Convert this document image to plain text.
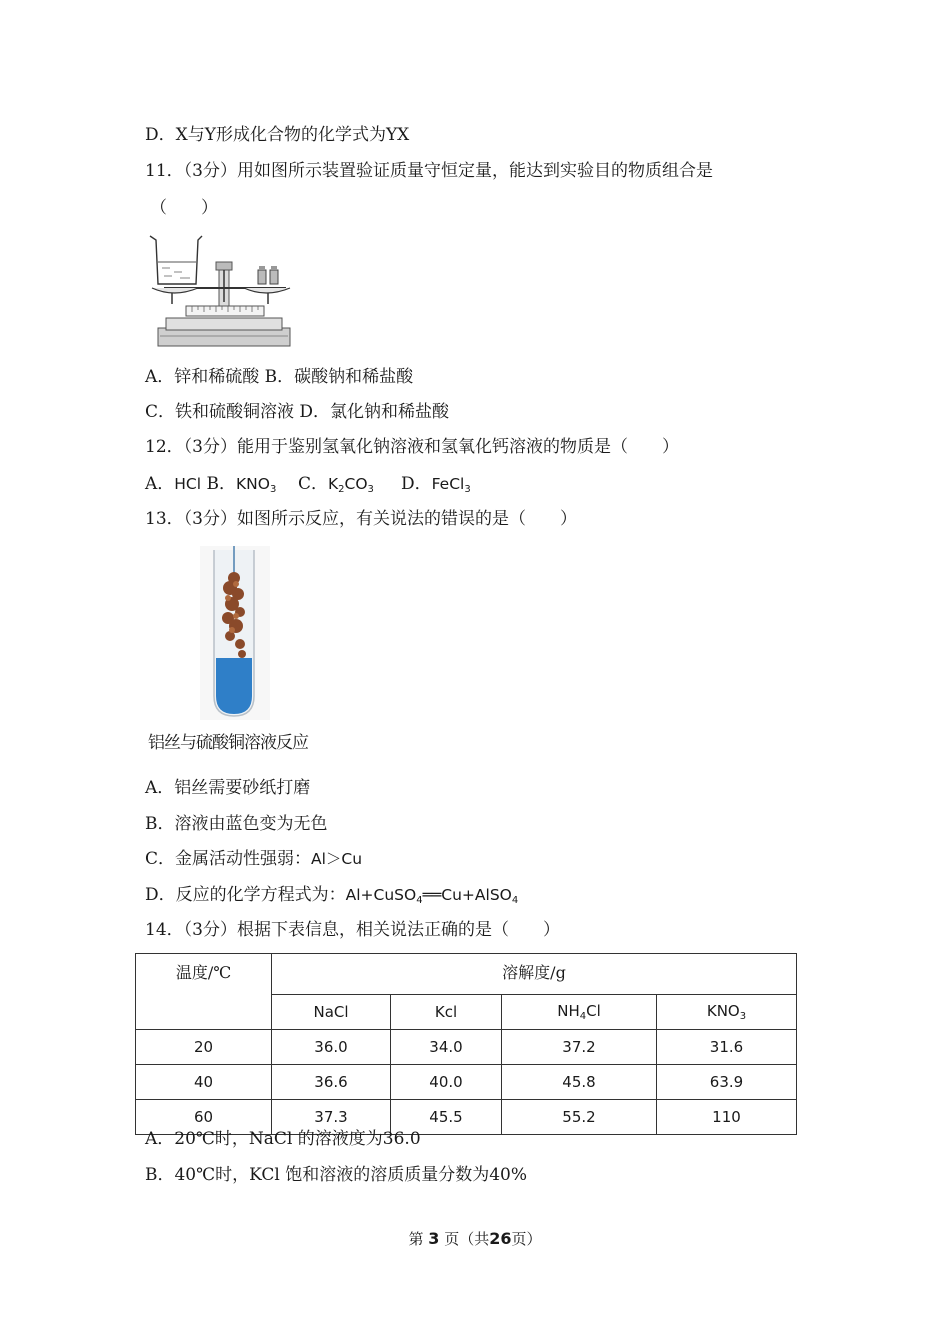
D．X与Y形成化合物的化学式为YX
11．（3分）用如图所示装置验证质量守恒定量，能达到实验目的物质组合是
（　　）
A．锌和稀硫酸 B．碳酸钠和稀盐酸
C．铁和硫酸铜溶液 D．氯化钠和稀盐酸
12．（3分）能用于鉴别氢氧化钠溶液和氢氧化钙溶液的物质是（　　）
A．HCl B．$KNO_3$ C．$K_2CO_3$ D．FeCl$_3$
13．（3分）如图所示反应，有关说法的错误的是（　　）
铝丝与硫酸铜溶液反应
A．铝丝需要砂纸打磨
B．溶液由蓝色变为无色
C．金属活动性强弱：Al＞Cu
D．反应的化学方程式为：Al+CuSO$_4$══Cu+AlSO$_4$
14．（3分）根据下表信息，相关说法正确的是（　　）
温度/℃	溶解度/g			
	NaCl	Kcl	$NH_4Cl$	$KNO_3$
20	36.0	34.0	37.2	31.6
40	36.6	40.0	45.8	63.9
60	37.3	45.5	55.2	110
A．20℃时，NaCl 的溶液度为36.0
B．40℃时，KCl 饱和溶液的溶质质量分数为40%
第 3 页（共26页）
